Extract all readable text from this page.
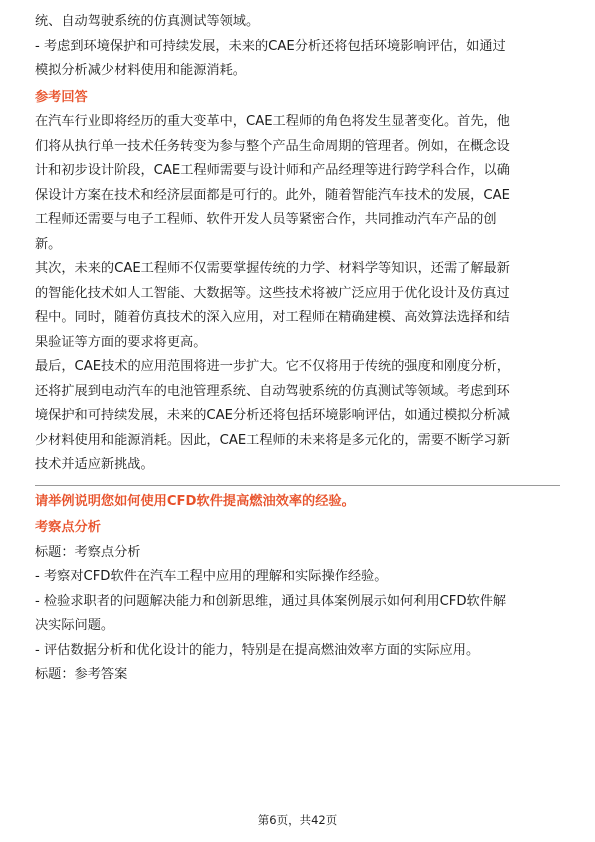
统、自动驾驶系统的仿真测试等领域。
- 考虑到环境保护和可持续发展，未来的CAE分析还将包括环境影响评估，如通过
模拟分析减少材料使用和能源消耗。
参考回答
在汽车行业即将经历的重大变革中，CAE工程师的角色将发生显著变化。首先，他
们将从执行单一技术任务转变为参与整个产品生命周期的管理者。例如，在概念设
计和初步设计阶段，CAE工程师需要与设计师和产品经理等进行跨学科合作，以确
保设计方案在技术和经济层面都是可行的。此外，随着智能汽车技术的发展，CAE
工程师还需要与电子工程师、软件开发人员等紧密合作，共同推动汽车产品的创
新。
其次，未来的CAE工程师不仅需要掌握传统的力学、材料学等知识，还需了解最新
的智能化技术如人工智能、大数据等。这些技术将被广泛应用于优化设计及仿真过
程中。同时，随着仿真技术的深入应用，对工程师在精确建模、高效算法选择和结
果验证等方面的要求将更高。
最后，CAE技术的应用范围将进一步扩大。它不仅将用于传统的强度和刚度分析，
还将扩展到电动汽车的电池管理系统、自动驾驶系统的仿真测试等领域。考虑到环
境保护和可持续发展，未来的CAE分析还将包括环境影响评估，如通过模拟分析减
少材料使用和能源消耗。因此，CAE工程师的未来将是多元化的，需要不断学习新
技术并适应新挑战。
请举例说明您如何使用CFD软件提高燃油效率的经验。
考察点分析
标题：考察点分析
- 考察对CFD软件在汽车工程中应用的理解和实际操作经验。
- 检验求职者的问题解决能力和创新思维，通过具体案例展示如何利用CFD软件解
决实际问题。
- 评估数据分析和优化设计的能力，特别是在提高燃油效率方面的实际应用。
标题：参考答案
第6页，共42页
